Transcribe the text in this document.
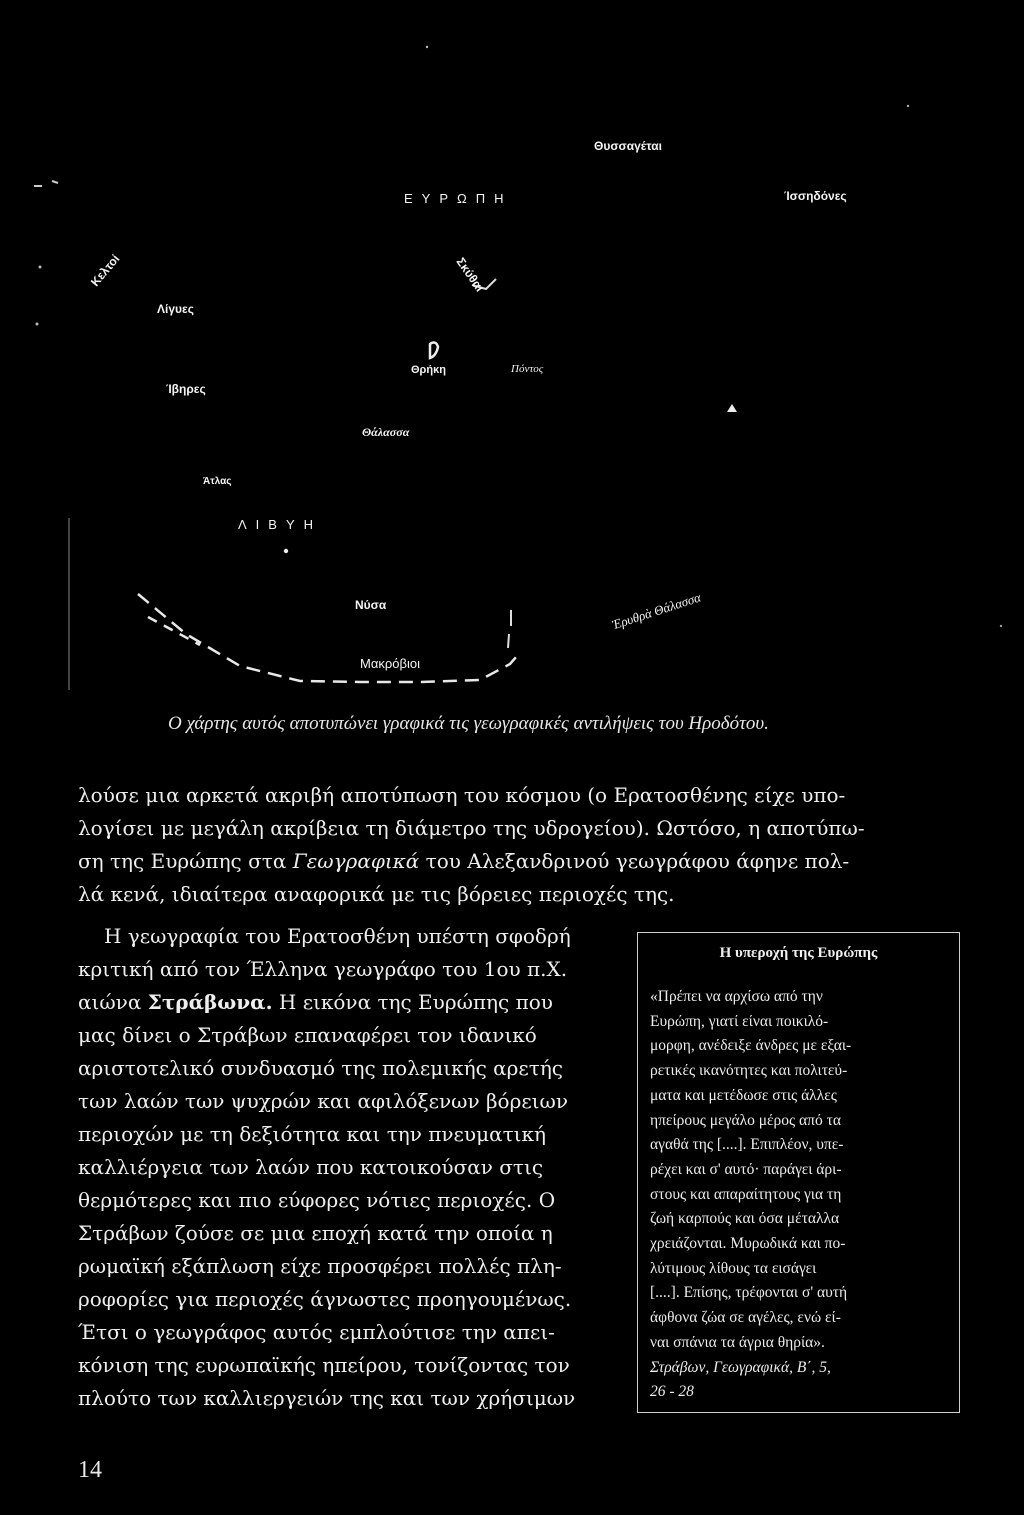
Θυσσαγέται
ΕΥΡΩΠΗ	Ίσσηδόνες
Κελτοί	Σκύθαι
Λίγυες
Ίβηρες
Θρήκη	Πόντος
Θάλασσα
Άτλας
ΛΙΒΥΗ
Νύσα	Ἐρυθρὰ Θάλασσα
Μακρόβιοι
Ο χάρτης αυτός αποτυπώνει γραφικά τις γεωγραφικές αντιλήψεις του Ηροδότου.

λούσε μια αρκετά ακριβή αποτύπωση του κόσμου (ο Ερατοσθένης είχε υπο-

λογίσει με μεγάλη ακρίβεια τη διάμετρο της υδρογείου). Ωστόσο, η αποτύπω-

ση της Ευρώπης στα Γεωγραφικά του Αλεξανδρινού γεωγράφου άφηνε πολ-

λά κενά, ιδιαίτερα αναφορικά με τις βόρειες περιοχές της.

Η γεωγραφία του Ερατοσθένη υπέστη σφοδρή

κριτική από τον Έλληνα γεωγράφο του 1ου π.Χ.

αιώνα Στράβωνα. Η εικόνα της Ευρώπης που

μας δίνει ο Στράβων επαναφέρει τον ιδανικό

αριστοτελικό συνδυασμό της πολεμικής αρετής

των λαών των ψυχρών και αφιλόξενων βόρειων

περιοχών με τη δεξιότητα και την πνευματική

καλλιέργεια των λαών που κατοικούσαν στις

θερμότερες και πιο εύφορες νότιες περιοχές. Ο

Στράβων ζούσε σε μια εποχή κατά την οποία η

ρωμαϊκή εξάπλωση είχε προσφέρει πολλές πλη-

ροφορίες για περιοχές άγνωστες προηγουμένως.

Έτσι ο γεωγράφος αυτός εμπλούτισε την απει-

κόνιση της ευρωπαϊκής ηπείρου, τονίζοντας τον

πλούτο των καλλιεργειών της και των χρήσιμων

Η υπεροχή της Ευρώπης

«Πρέπει να αρχίσω από την

Ευρώπη, γιατί είναι ποικιλό-

μορφη, ανέδειξε άνδρες με εξαι-

ρετικές ικανότητες και πολιτεύ-

ματα και μετέδωσε στις άλλες

ηπείρους μεγάλο μέρος από τα

αγαθά της [....]. Επιπλέον, υπε-

ρέχει και σ' αυτό· παράγει άρι-

στους και απαραίτητους για τη

ζωή καρπούς και όσα μέταλλα

χρειάζονται. Μυρωδικά και πο-

λύτιμους λίθους τα εισάγει

[....]. Επίσης, τρέφονται σ' αυτή

άφθονα ζώα σε αγέλες, ενώ εί-

ναι σπάνια τα άγρια θηρία».

Στράβων, Γεωγραφικά, Β΄, 5,

26 - 28

14
